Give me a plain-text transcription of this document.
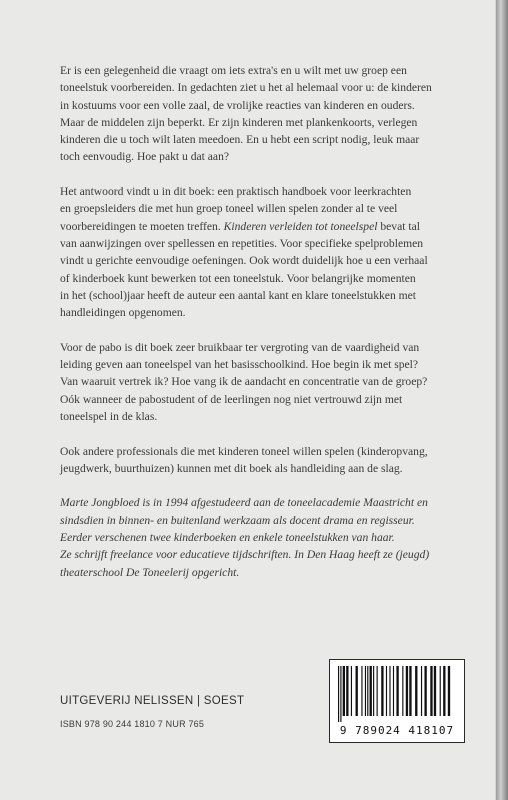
Er is een gelegenheid die vraagt om iets extra's en u wilt met uw groep een
toneelstuk voorbereiden. In gedachten ziet u het al helemaal voor u: de kinderen
in kostuums voor een volle zaal, de vrolijke reacties van kinderen en ouders.
Maar de middelen zijn beperkt. Er zijn kinderen met plankenkoorts, verlegen
kinderen die u toch wilt laten meedoen. En u hebt een script nodig, leuk maar
toch eenvoudig. Hoe pakt u dat aan?

Het antwoord vindt u in dit boek: een praktisch handboek voor leerkrachten
en groepsleiders die met hun groep toneel willen spelen zonder al te veel
voorbereidingen te moeten treffen. Kinderen verleiden tot toneelspel bevat tal
van aanwijzingen over spellessen en repetities. Voor specifieke spelproblemen
vindt u gerichte eenvoudige oefeningen. Ook wordt duidelijk hoe u een verhaal
of kinderboek kunt bewerken tot een toneelstuk. Voor belangrijke momenten
in het (school)jaar heeft de auteur een aantal kant en klare toneelstukken met
handleidingen opgenomen.

Voor de pabo is dit boek zeer bruikbaar ter vergroting van de vaardigheid van
leiding geven aan toneelspel van het basisschoolkind. Hoe begin ik met spel?
Van waaruit vertrek ik? Hoe vang ik de aandacht en concentratie van de groep?
Oók wanneer de pabostudent of de leerlingen nog niet vertrouwd zijn met
toneelspel in de klas.

Ook andere professionals die met kinderen toneel willen spelen (kinderopvang,
jeugdwerk, buurthuizen) kunnen met dit boek als handleiding aan de slag.

Marte Jongbloed is in 1994 afgestudeerd aan de toneelacademie Maastricht en
sindsdien in binnen- en buitenland werkzaam als docent drama en regisseur.
Eerder verschenen twee kinderboeken en enkele toneelstukken van haar.
Ze schrijft freelance voor educatieve tijdschriften. In Den Haag heeft ze (jeugd)
theaterschool De Toneelerij opgericht.

UITGEVERIJ NELISSEN | SOEST
ISBN 978 90 244 1810 7 NUR 765	9 789024 418107
